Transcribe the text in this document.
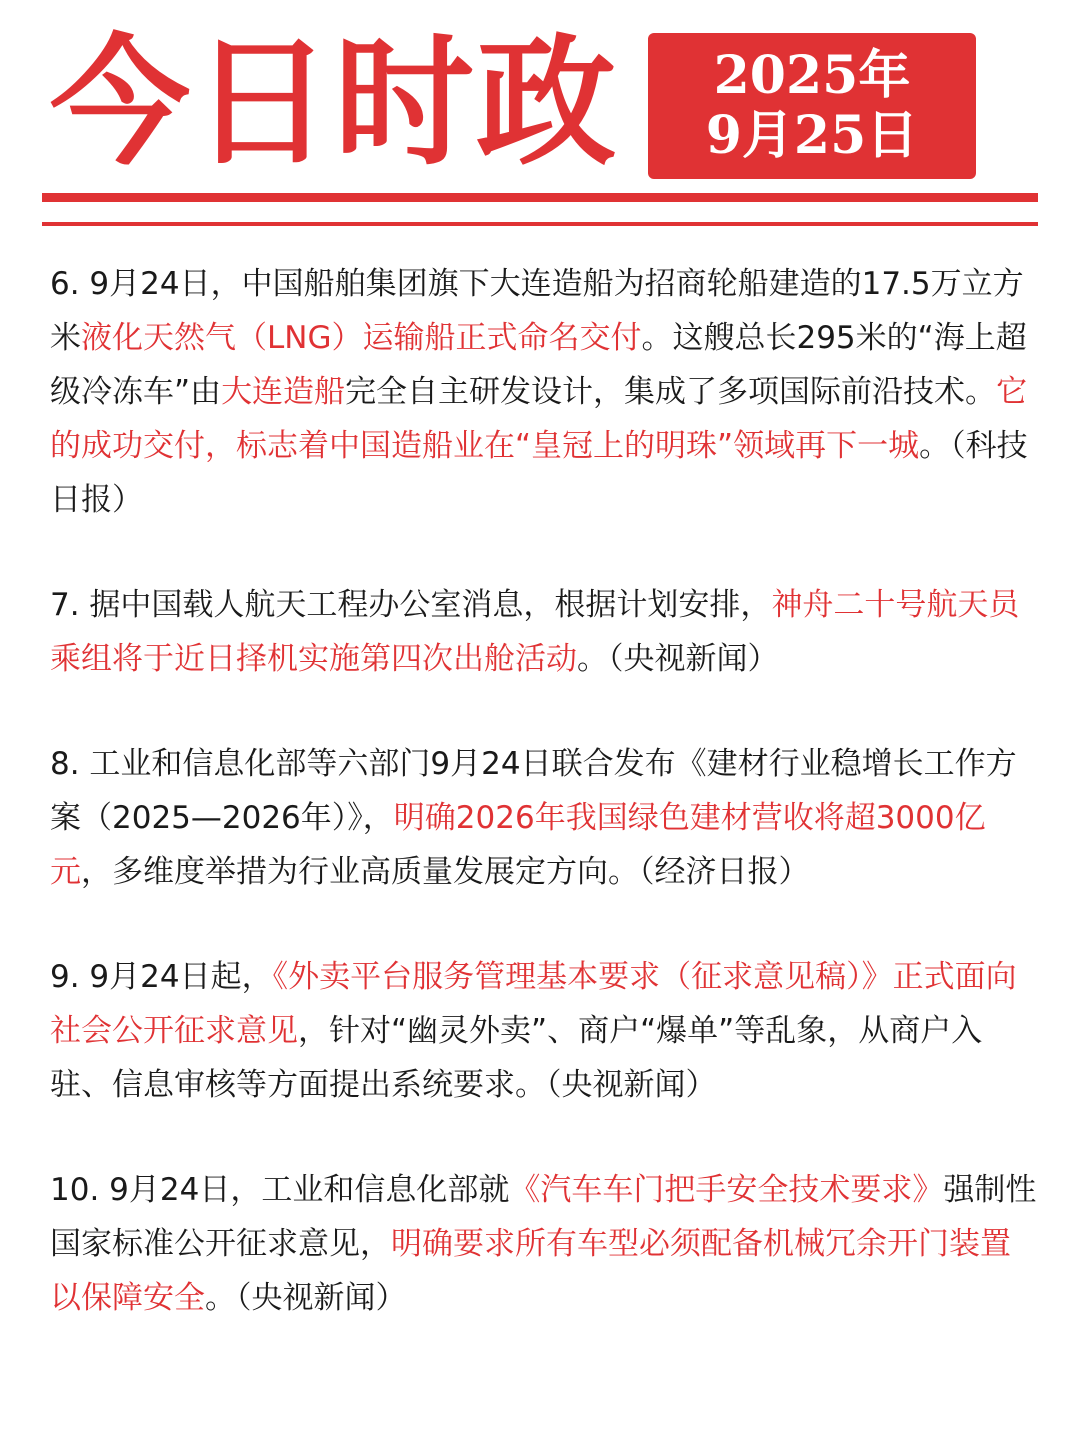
今日时政 2025年
9月25日

6. 9月24日，中国船舶集团旗下大连造船为招商轮船建造的17.5万立方米液化天然气（LNG）运输船正式命名交付。这艘总长295米的“海上超级冷冻车”由大连造船完全自主研发设计，集成了多项国际前沿技术。它的成功交付，标志着中国造船业在“皇冠上的明珠”领域再下一城。（科技日报）

7. 据中国载人航天工程办公室消息，根据计划安排，神舟二十号航天员乘组将于近日择机实施第四次出舱活动。（央视新闻）

8. 工业和信息化部等六部门9月24日联合发布《建材行业稳增长工作方案（2025—2026年）》，明确2026年我国绿色建材营收将超3000亿元，多维度举措为行业高质量发展定方向。（经济日报）

9. 9月24日起，《外卖平台服务管理基本要求（征求意见稿）》正式面向社会公开征求意见，针对“幽灵外卖”、商户“爆单”等乱象，从商户入驻、信息审核等方面提出系统要求。（央视新闻）

10. 9月24日，工业和信息化部就《汽车车门把手安全技术要求》强制性国家标准公开征求意见，明确要求所有车型必须配备机械冗余开门装置以保障安全。（央视新闻）
